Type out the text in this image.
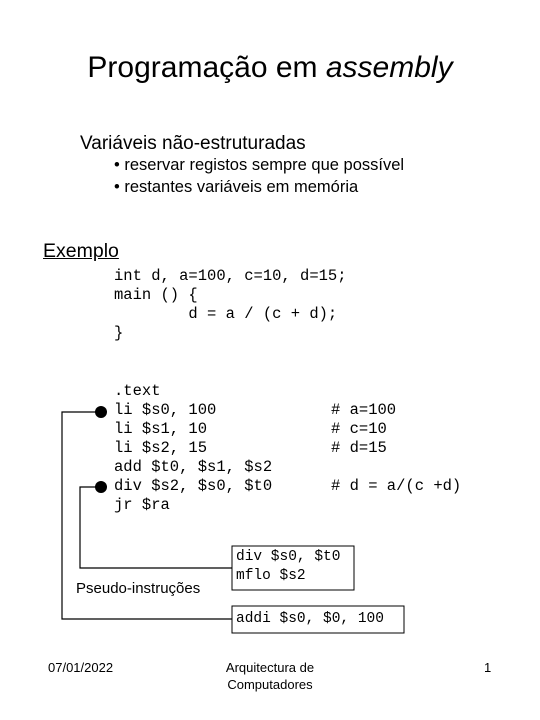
Programação em assembly
Variáveis não-estruturadas
• reservar registos sempre que possível
• restantes variáveis em memória
Exemplo
int d, a=100, c=10, d=15;
main () {
d = a / (c + d);
}
.text
li $s0, 100	# a=100
li $s1, 10	# c=10
li $s2, 15	# d=15
add $t0, $s1, $s2
div $s2, $s0, $t0	# d = a/(c +d)
jr $ra
div $s0, $t0
mflo $s2
addi $s0, $0, 100
Pseudo-instruções
07/01/2022	Arquitectura de
Computadores
1
